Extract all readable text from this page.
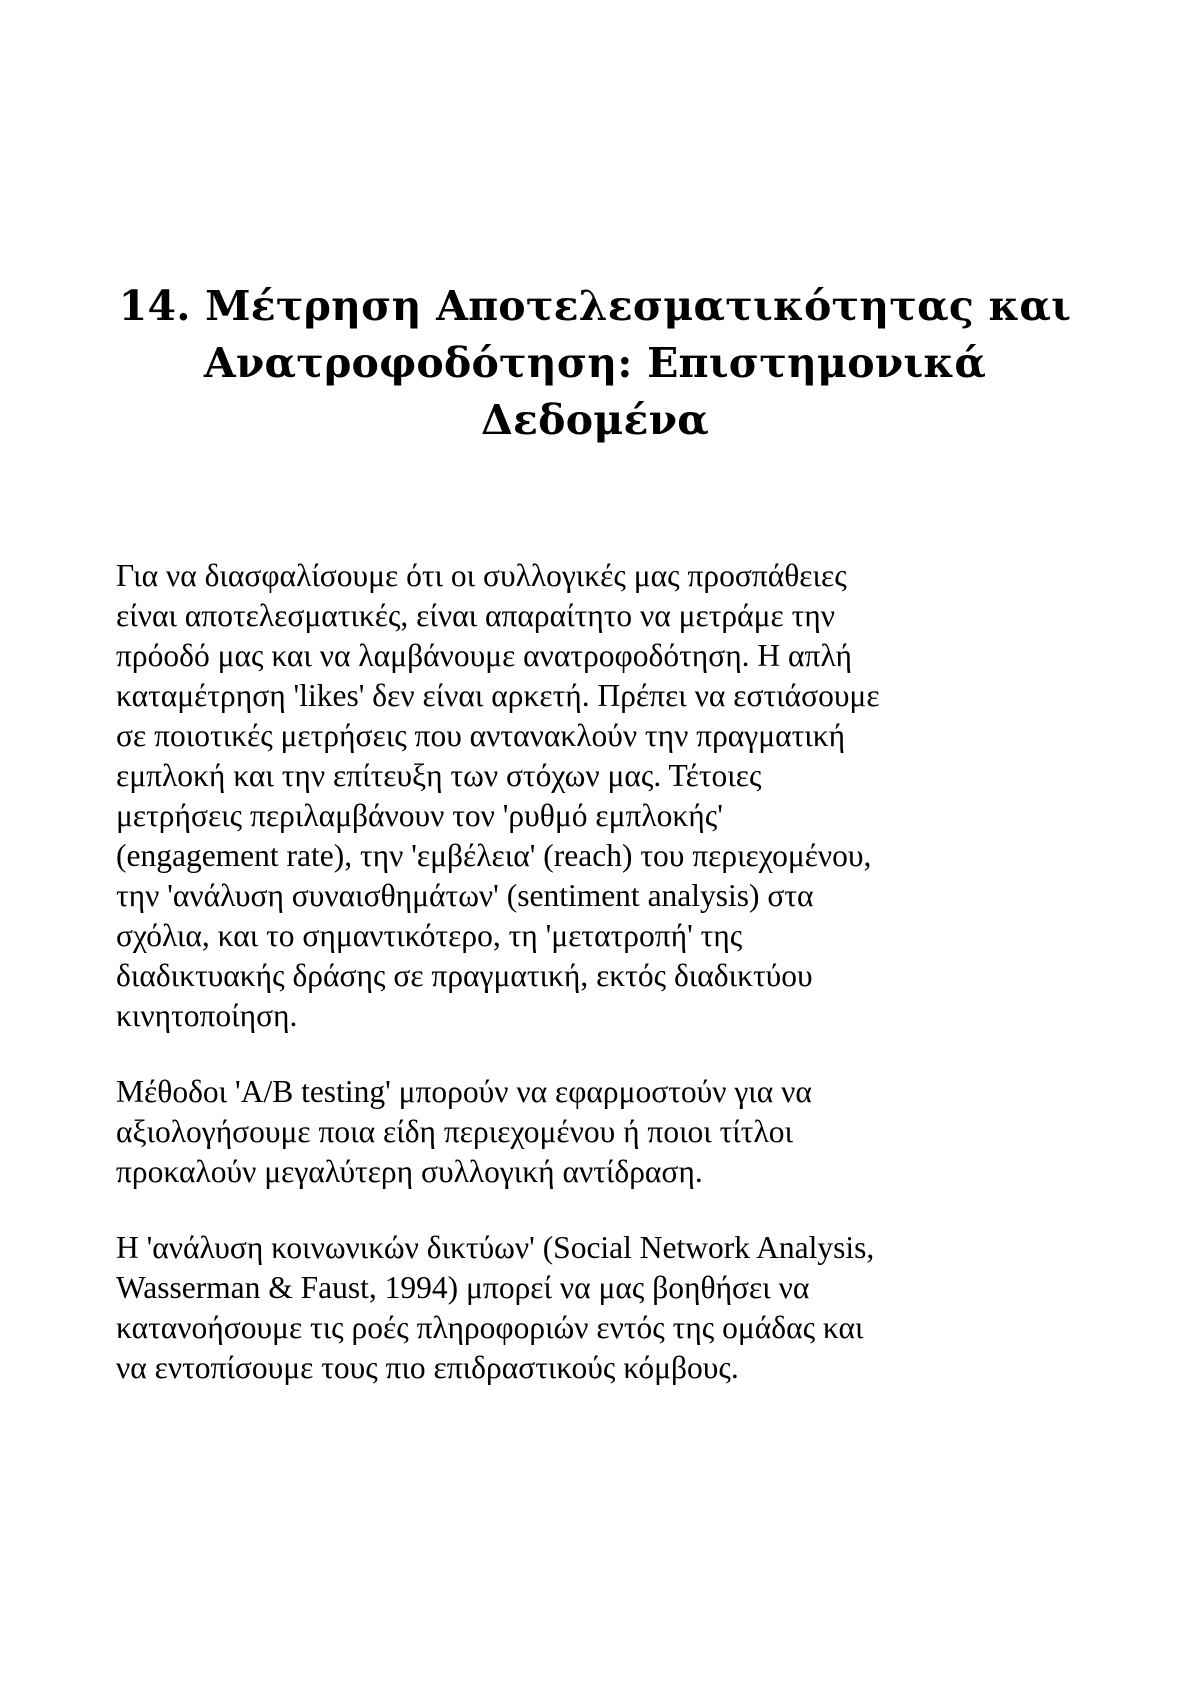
14. Μέτρηση Αποτελεσματικότητας και
Ανατροφοδότηση: Επιστημονικά
Δεδομένα

Για να διασφαλίσουμε ότι οι συλλογικές μας προσπάθειες
είναι αποτελεσματικές, είναι απαραίτητο να μετράμε την
πρόοδό μας και να λαμβάνουμε ανατροφοδότηση. Η απλή
καταμέτρηση 'likes' δεν είναι αρκετή. Πρέπει να εστιάσουμε
σε ποιοτικές μετρήσεις που αντανακλούν την πραγματική
εμπλοκή και την επίτευξη των στόχων μας. Τέτοιες
μετρήσεις περιλαμβάνουν τον 'ρυθμό εμπλοκής'
(engagement rate), την 'εμβέλεια' (reach) του περιεχομένου,
την 'ανάλυση συναισθημάτων' (sentiment analysis) στα
σχόλια, και το σημαντικότερο, τη 'μετατροπή' της
διαδικτυακής δράσης σε πραγματική, εκτός διαδικτύου
κινητοποίηση.

Μέθοδοι 'A/B testing' μπορούν να εφαρμοστούν για να
αξιολογήσουμε ποια είδη περιεχομένου ή ποιοι τίτλοι
προκαλούν μεγαλύτερη συλλογική αντίδραση.

Η 'ανάλυση κοινωνικών δικτύων' (Social Network Analysis,
Wasserman & Faust, 1994) μπορεί να μας βοηθήσει να
κατανοήσουμε τις ροές πληροφοριών εντός της ομάδας και
να εντοπίσουμε τους πιο επιδραστικούς κόμβους.
